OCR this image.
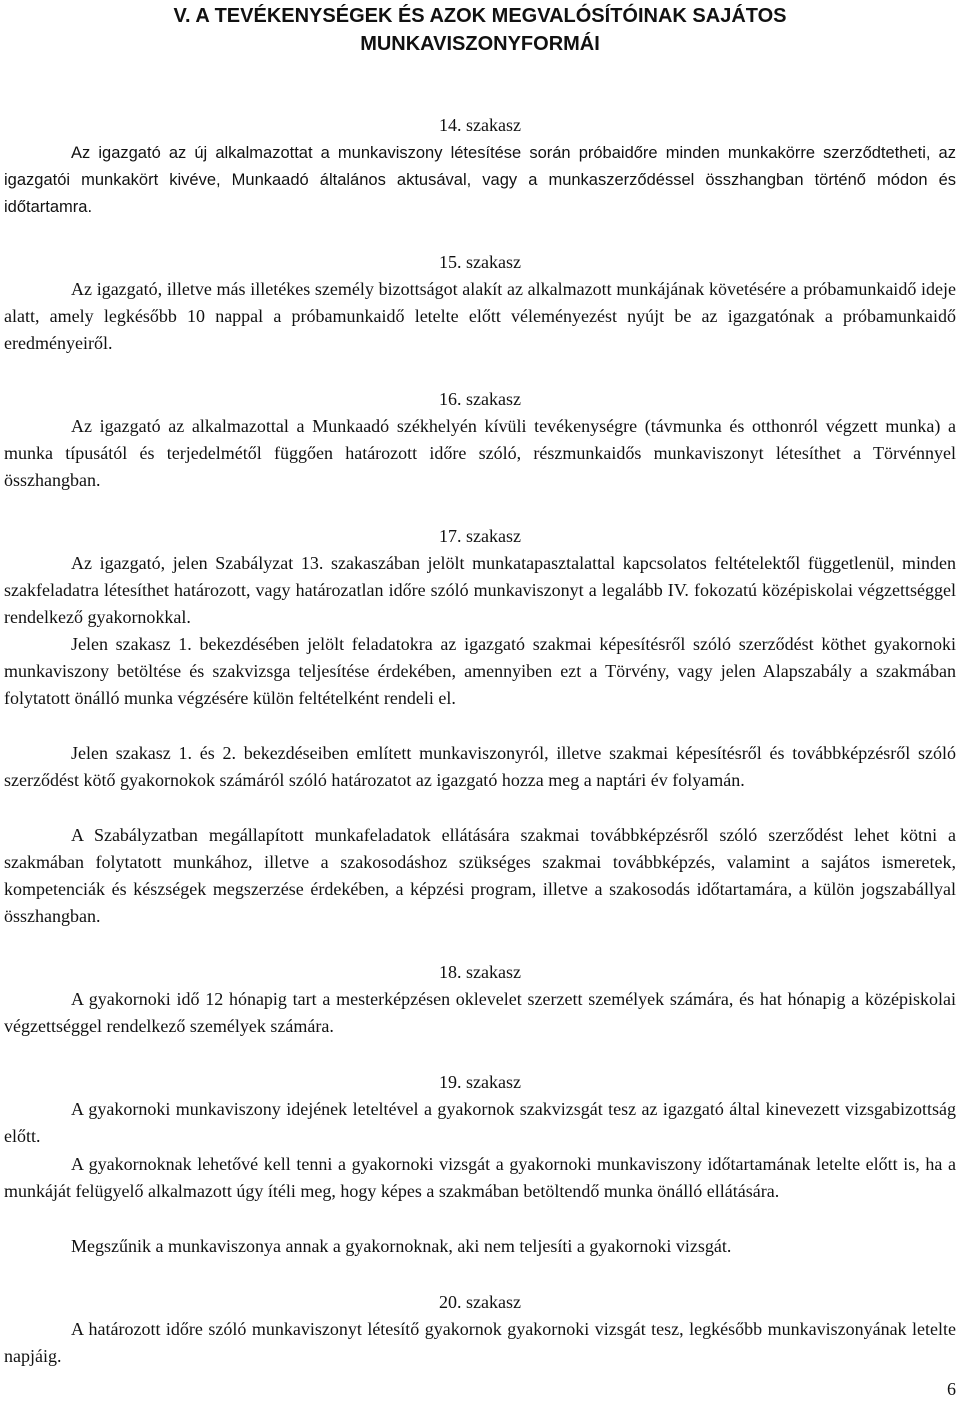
V. A TEVÉKENYSÉGEK ÉS AZOK MEGVALÓSÍTÓINAK SAJÁTOS
MUNKAVISZONYFORMÁI

14. szakasz

Az igazgató az új alkalmazottat a munkaviszony létesítése során próbaidőre minden munkakörre szerződtetheti, az igazgatói munkakört kivéve, Munkaadó általános aktusával, vagy a munkaszerződéssel összhangban történő módon és időtartamra.

15. szakasz

Az igazgató, illetve más illetékes személy bizottságot alakít az alkalmazott munkájának követésére a próbamunkaidő ideje alatt, amely legkésőbb 10 nappal a próbamunkaidő letelte előtt véleményezést nyújt be az igazgatónak a próbamunkaidő eredményeiről.

16. szakasz

Az igazgató az alkalmazottal a Munkaadó székhelyén kívüli tevékenységre (távmunka és otthonról végzett munka) a munka típusától és terjedelmétől függően határozott időre szóló, részmunkaidős munkaviszonyt létesíthet a Törvénnyel összhangban.

17. szakasz

Az igazgató, jelen Szabályzat 13. szakaszában jelölt munkatapasztalattal kapcsolatos feltételektől függetlenül, minden szakfeladatra létesíthet határozott, vagy határozatlan időre szóló munkaviszonyt a legalább IV. fokozatú középiskolai végzettséggel rendelkező gyakornokkal.

Jelen szakasz 1. bekezdésében jelölt feladatokra az igazgató szakmai képesítésről szóló szerződést köthet gyakornoki munkaviszony betöltése és szakvizsga teljesítése érdekében, amennyiben ezt a Törvény, vagy jelen Alapszabály a szakmában folytatott önálló munka végzésére külön feltételként rendeli el.

Jelen szakasz 1. és 2. bekezdéseiben említett munkaviszonyról, illetve szakmai képesítésről és továbbképzésről szóló szerződést kötő gyakornokok számáról szóló határozatot az igazgató hozza meg a naptári év folyamán.

A Szabályzatban megállapított munkafeladatok ellátására szakmai továbbképzésről szóló szerződést lehet kötni a szakmában folytatott munkához, illetve a szakosodáshoz szükséges szakmai továbbképzés, valamint a sajátos ismeretek, kompetenciák és készségek megszerzése érdekében, a képzési program, illetve a szakosodás időtartamára, a külön jogszabállyal összhangban.

18. szakasz

A gyakornoki idő 12 hónapig tart a mesterképzésen oklevelet szerzett személyek számára, és hat hónapig a középiskolai végzettséggel rendelkező személyek számára.

19. szakasz

A gyakornoki munkaviszony idejének leteltével a gyakornok szakvizsgát tesz az igazgató által kinevezett vizsgabizottság előtt.

A gyakornoknak lehetővé kell tenni a gyakornoki vizsgát a gyakornoki munkaviszony időtartamának letelte előtt is, ha a munkáját felügyelő alkalmazott úgy ítéli meg, hogy képes a szakmában betöltendő munka önálló ellátására.

Megszűnik a munkaviszonya annak a gyakornoknak, aki nem teljesíti a gyakornoki vizsgát.

20. szakasz

A határozott időre szóló munkaviszonyt létesítő gyakornok gyakornoki vizsgát tesz, legkésőbb munkaviszonyának letelte napjáig.

6
